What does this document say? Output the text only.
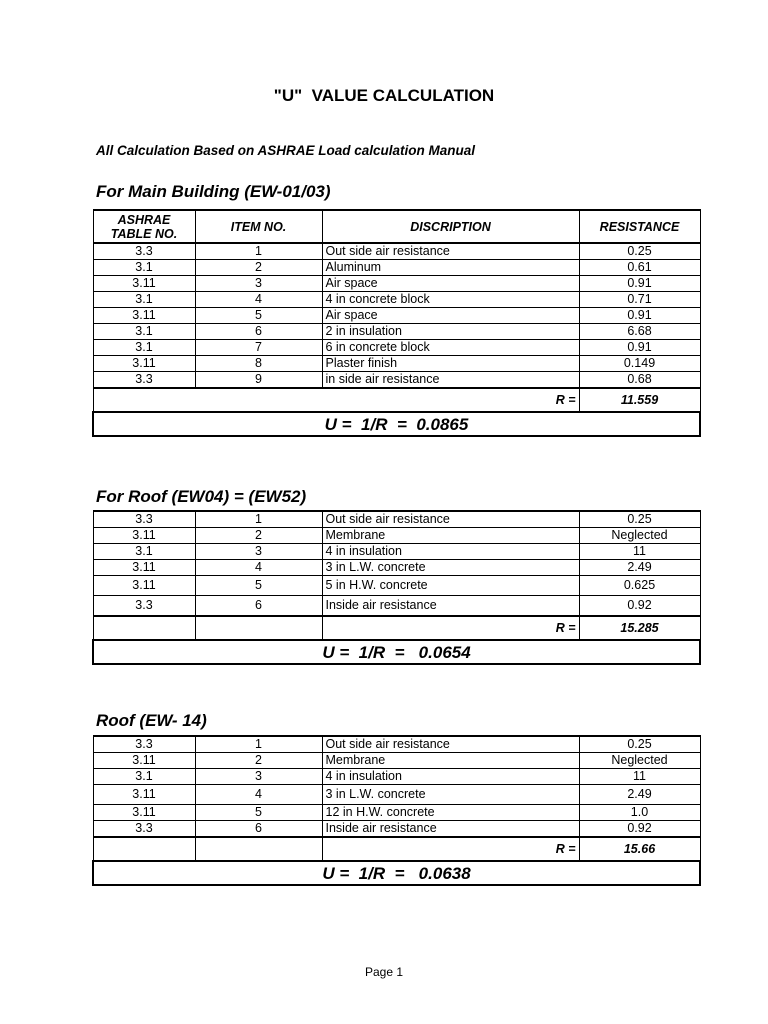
"U"  VALUE CALCULATION
All Calculation Based on ASHRAE Load calculation Manual
For Main Building (EW-01/03)
ASHRAE TABLE NO.	ITEM NO.	DISCRIPTION	RESISTANCE
3.3	1	Out side air resistance	0.25
3.1	2	Aluminum	0.61
3.11	3	Air space	0.91
3.1	4	4 in concrete block	0.71
3.11	5	Air space	0.91
3.1	6	2 in insulation	6.68
3.1	7	6 in concrete block	0.91
3.11	8	Plaster finish	0.149
3.3	9	in side air resistance	0.68
R =			11.559
U =  1/R  =  0.0865			
For Roof (EW04) = (EW52)
3.3	1	Out side air resistance	0.25
3.11	2	Membrane	Neglected
3.1	3	4 in insulation	11
3.11	4	3 in L.W. concrete	2.49
3.11	5	5 in H.W. concrete	0.625
3.3	6	Inside air resistance	0.92
		R =	15.285
U =  1/R  =   0.0654			
Roof (EW- 14)
3.3	1	Out side air resistance	0.25
3.11	2	Membrane	Neglected
3.1	3	4 in insulation	11
3.11	4	3 in L.W. concrete	2.49
3.11	5	12 in H.W. concrete	1.0
3.3	6	Inside air resistance	0.92
		R =	15.66
U =  1/R  =   0.0638			
Page 1
